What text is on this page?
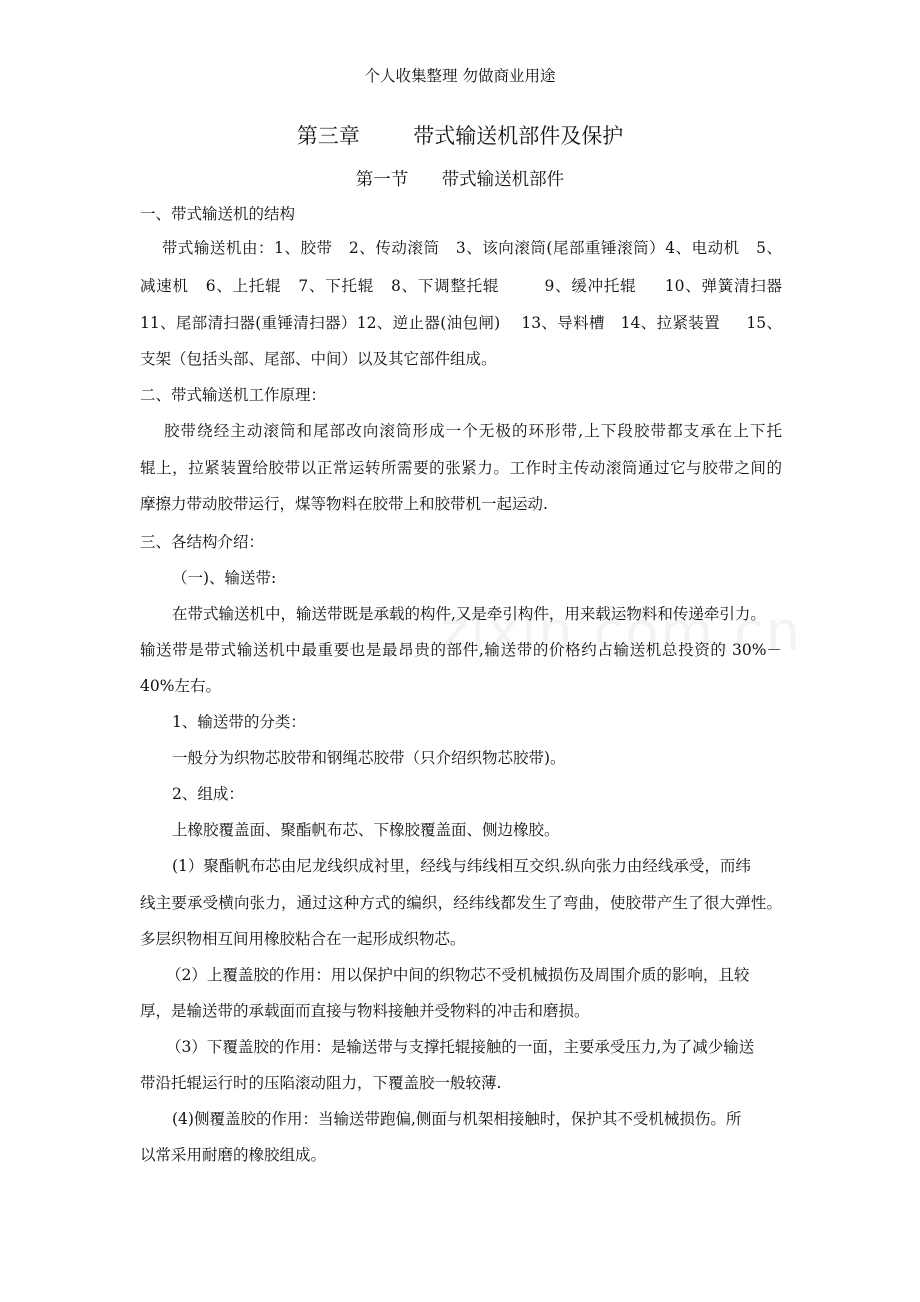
个人收集整理 勿做商业用途
第三章        带式输送机部件及保护
第一节      带式输送机部件
一、带式输送机的结构
带式输送机由：1、胶带   2、传动滚筒   3、该向滚筒(尾部重锤滚筒）4、电动机   5、
减速机   6、上托辊   7、下托辊   8、下调整托辊        9、缓冲托辊     10、弹簧清扫器
11、尾部清扫器(重锤清扫器）12、逆止器(油包闸)    13、导料槽   14、拉紧装置     15、
支架（包括头部、尾部、中间）以及其它部件组成。
二、带式输送机工作原理：
胶带绕经主动滚筒和尾部改向滚筒形成一个无极的环形带,上下段胶带都支承在上下托
辊上，拉紧装置给胶带以正常运转所需要的张紧力。工作时主传动滚筒通过它与胶带之间的
摩擦力带动胶带运行，煤等物料在胶带上和胶带机一起运动.
三、各结构介绍：
（一)、输送带:
在带式输送机中，输送带既是承载的构件,又是牵引构件，用来载运物料和传递牵引力。
输送带是带式输送机中最重要也是最昂贵的部件,输送带的价格约占输送机总投资的 30%－
40%左右。
1、输送带的分类：
一般分为织物芯胶带和钢绳芯胶带（只介绍织物芯胶带)。
2、组成：
上橡胶覆盖面、聚酯帆布芯、下橡胶覆盖面、侧边橡胶。
(1）聚酯帆布芯由尼龙线织成衬里，经线与纬线相互交织.纵向张力由经线承受，而纬
线主要承受横向张力，通过这种方式的编织，经纬线都发生了弯曲，使胶带产生了很大弹性。
多层织物相互间用橡胶粘合在一起形成织物芯。
（2）上覆盖胶的作用：用以保护中间的织物芯不受机械损伤及周围介质的影响，且较
厚，是输送带的承载面而直接与物料接触并受物料的冲击和磨损。
（3）下覆盖胶的作用：是输送带与支撑托辊接触的一面，主要承受压力,为了减少输送
带沿托辊运行时的压陷滚动阻力，下覆盖胶一般较薄.
(4)侧覆盖胶的作用：当输送带跑偏,侧面与机架相接触时，保护其不受机械损伤。所
以常采用耐磨的橡胶组成。
